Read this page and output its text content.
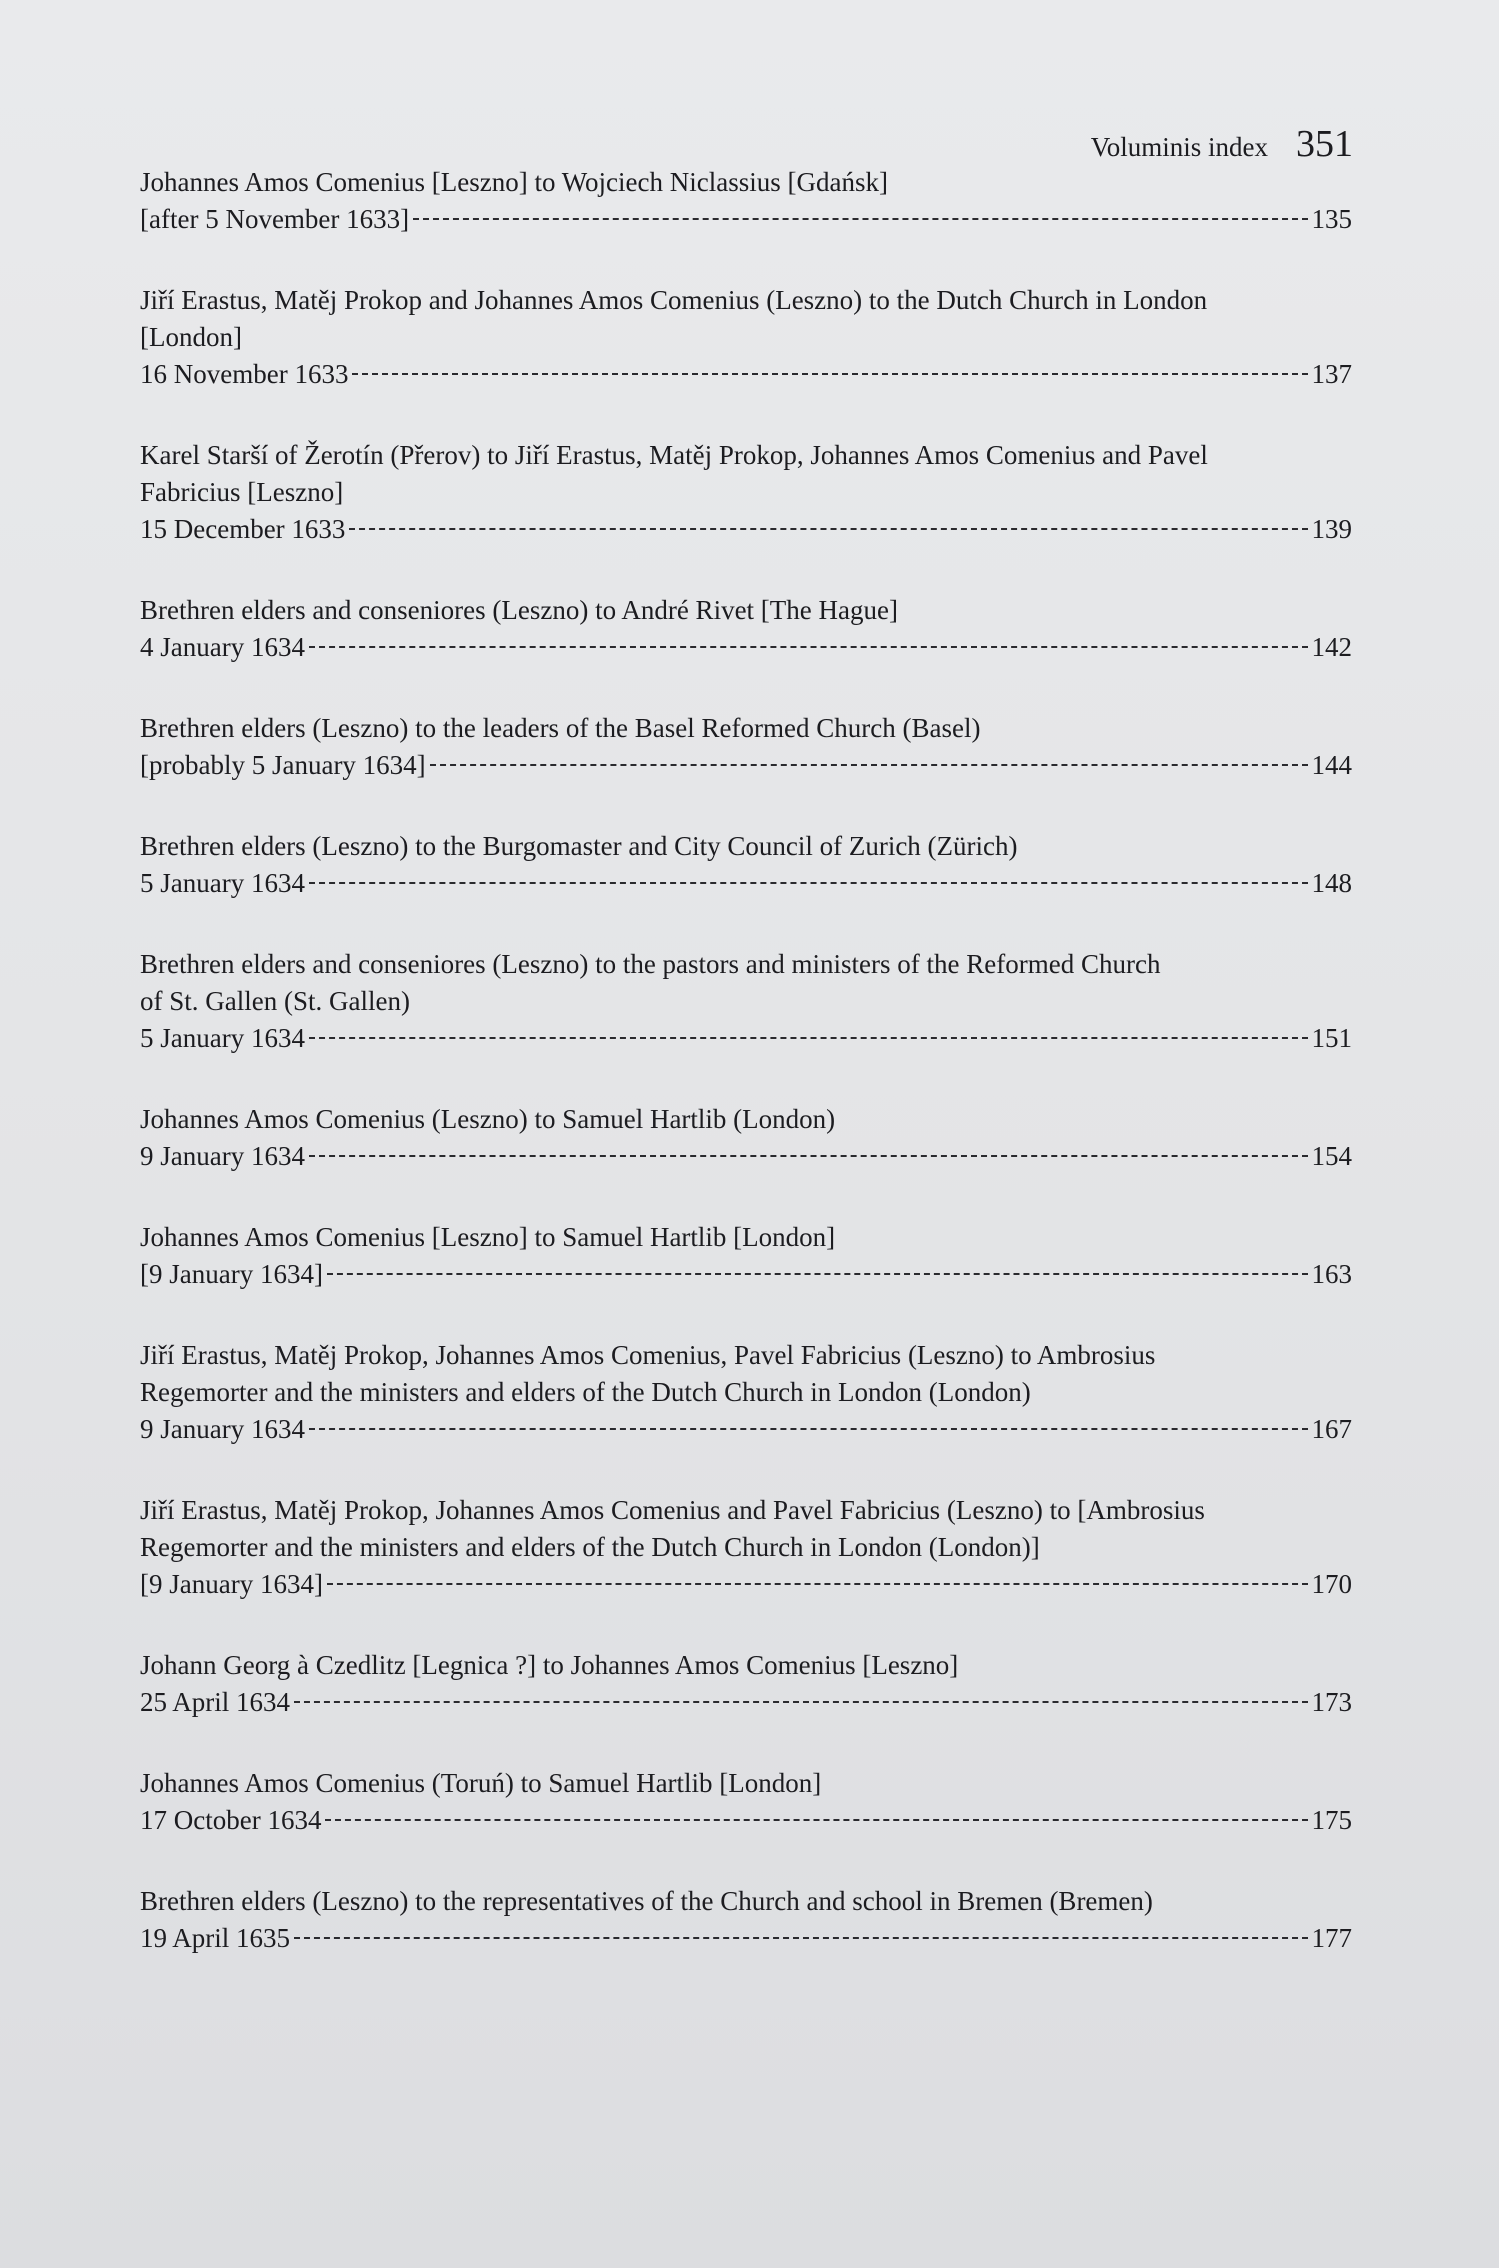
Voluminis index 351
Johannes Amos Comenius [Leszno] to Wojciech Niclassius [Gdańsk]
[after 5 November 1633]	135
Jiří Erastus, Matěj Prokop and Johannes Amos Comenius (Leszno) to the Dutch Church in London
[London]
16 November 1633	137
Karel Starší of Žerotín (Přerov) to Jiří Erastus, Matěj Prokop, Johannes Amos Comenius and Pavel
Fabricius [Leszno]
15 December 1633	139
Brethren elders and conseniores (Leszno) to André Rivet [The Hague]
4 January 1634	142
Brethren elders (Leszno) to the leaders of the Basel Reformed Church (Basel)
[probably 5 January 1634]	144
Brethren elders (Leszno) to the Burgomaster and City Council of Zurich (Zürich)
5 January 1634	148
Brethren elders and conseniores (Leszno) to the pastors and ministers of the Reformed Church
of St. Gallen (St. Gallen)
5 January 1634	151
Johannes Amos Comenius (Leszno) to Samuel Hartlib (London)
9 January 1634	154
Johannes Amos Comenius [Leszno] to Samuel Hartlib [London]
[9 January 1634]	163
Jiří Erastus, Matěj Prokop, Johannes Amos Comenius, Pavel Fabricius (Leszno) to Ambrosius
Regemorter and the ministers and elders of the Dutch Church in London (London)
9 January 1634	167
Jiří Erastus, Matěj Prokop, Johannes Amos Comenius and Pavel Fabricius (Leszno) to [Ambrosius
Regemorter and the ministers and elders of the Dutch Church in London (London)]
[9 January 1634]	170
Johann Georg à Czedlitz [Legnica ?] to Johannes Amos Comenius [Leszno]
25 April 1634	173
Johannes Amos Comenius (Toruń) to Samuel Hartlib [London]
17 October 1634	175
Brethren elders (Leszno) to the representatives of the Church and school in Bremen (Bremen)
19 April 1635	177
